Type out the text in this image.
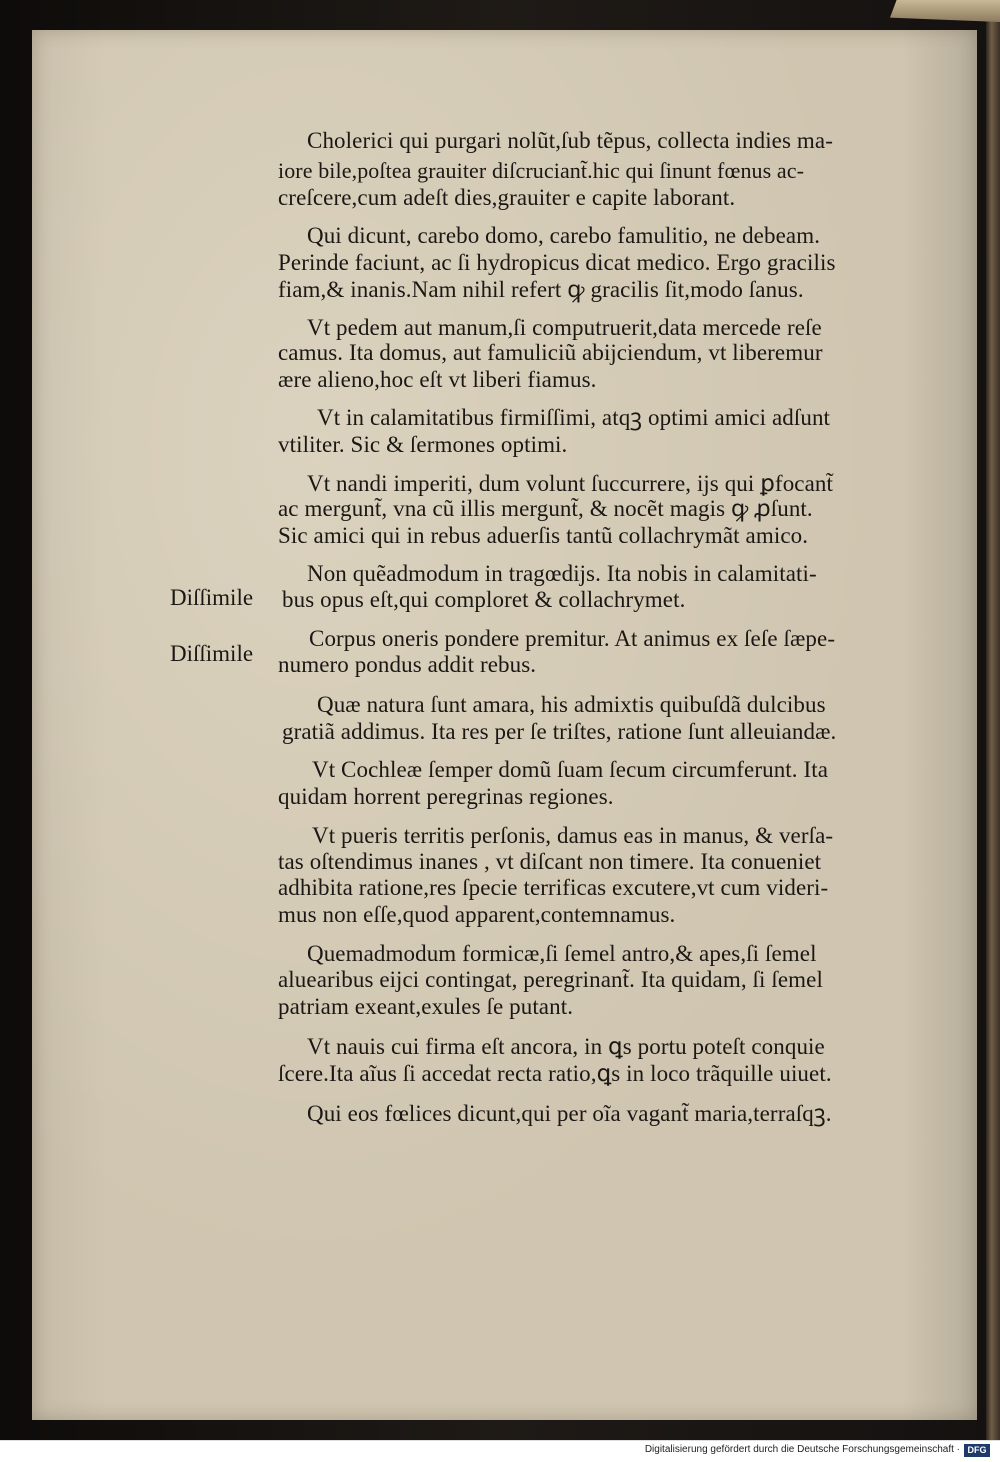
Cholerici qui purgari nolũt,ſub tẽpus, collecta indies ma-

iore bile,poſtea grauiter diſcruciant̃.hic qui ſinunt fœnus ac-

creſcere,cum adeſt dies,grauiter e capite laborant.

Qui dicunt, carebo domo, carebo famulitio, ne debeam.

Perinde faciunt, ac ſi hydropicus dicat medico. Ergo gracilis

fiam,& inanis.Nam nihil refert ꝙ gracilis ſit,modo ſanus.

Vt pedem aut manum,ſi computruerit,data mercede reſe

camus. Ita domus, aut famuliciũ abĳciendum, vt liberemur

ære alieno,hoc eſt vt liberi fiamus.

Vt in calamitatibus firmiſſimi, atqꝫ optimi amici adſunt

vtiliter. Sic & ſermones optimi.

Vt nandi imperiti, dum volunt ſuccurrere, ĳs qui ꝑfocant̃

ac mergunt̃, vna cũ illis mergunt̃, & nocẽt magis ꝙ ꝓſunt.

Sic amici qui in rebus aduerſis tantũ collachrymãt amico.

Non quẽadmodum in tragœdĳs. Ita nobis in calamitati-

Diſſimile bus opus eſt,qui comploret & collachrymet.

Diſſimile

Corpus oneris pondere premitur. At animus ex ſeſe ſæpe-

numero pondus addit rebus.

Quæ natura ſunt amara, his admixtis quibuſdã dulcibus

gratiã addimus. Ita res per ſe triſtes, ratione ſunt alleuiandæ.

Vt Cochleæ ſemper domũ ſuam ſecum circumferunt. Ita

quidam horrent peregrinas regiones.

Vt pueris territis perſonis, damus eas in manus, & verſa-

tas oſtendimus inanes , vt diſcant non timere. Ita conueniet

adhibita ratione,res ſpecie terrificas excutere,vt cum videri-

mus non eſſe,quod apparent,contemnamus.

Quemadmodum formicæ,ſi ſemel antro,& apes,ſi ſemel

aluearibus eĳci contingat, peregrinant̃. Ita quidam, ſi ſemel

patriam exeant,exules ſe putant.

Vt nauis cui firma eſt ancora, in ꝗs portu poteſt conquie

ſcere.Ita aĩus ſi accedat recta ratio,ꝗs in loco trãquille uiuet.

Qui eos fœlices dicunt,qui per oĩa vagant̃ maria,terraſqꝫ.

Digitalisierung gefördert durch die Deutsche Forschungsgemeinschaft · DFG
